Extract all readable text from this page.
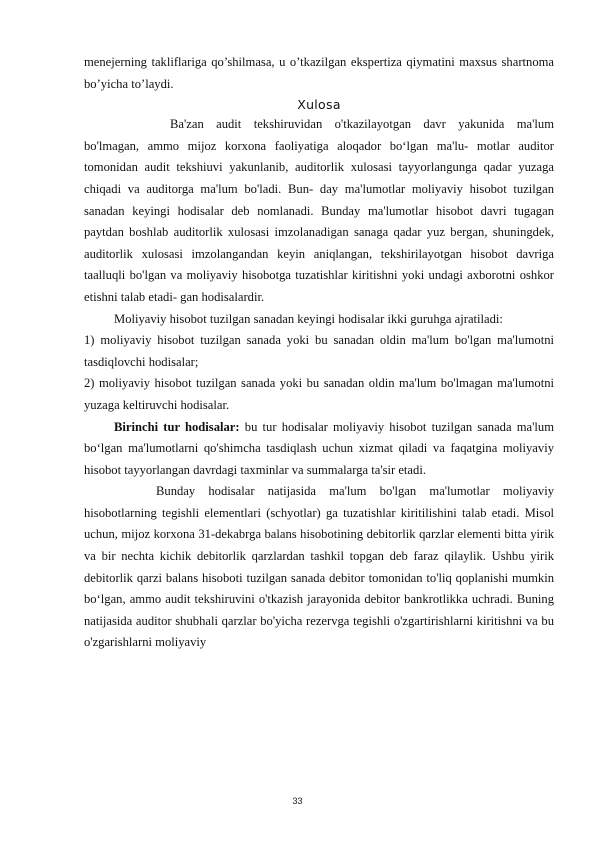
menejerning takliflariga qo’shilmasa, u o’tkazilgan ekspertiza qiymatini maxsus shartnoma bo’yicha to’laydi.

Xulosa

Ba'zan audit tekshiruvidan o'tkazilayotgan davr yakunida ma'lum bo'lmagan, ammo mijoz korxona faoliyatiga aloqador bo‘lgan ma'lu- motlar auditor tomonidan audit tekshiuvi yakunlanib, auditorlik xulosasi tayyorlangunga qadar yuzaga chiqadi va auditorga ma'lum bo'ladi. Bun- day ma'lumotlar moliyaviy hisobot tuzilgan sanadan keyingi hodisalar deb nomlanadi. Bunday ma'lumotlar hisobot davri tugagan paytdan boshlab auditorlik xulosasi imzolanadigan sanaga qadar yuz bergan, shuningdek, auditorlik xulosasi imzolangandan keyin aniqlangan, tekshirilayotgan hisobot davriga taalluqli bo'lgan va moliyaviy hisobotga tuzatishlar kiritishni yoki undagi axborotni oshkor etishni talab etadi- gan hodisalardir.

Moliyaviy hisobot tuzilgan sanadan keyingi hodisalar ikki guruhga ajratiladi:

1) moliyaviy hisobot tuzilgan sanada yoki bu sanadan oldin ma'lum bo'lgan ma'lumotni tasdiqlovchi hodisalar;

2) moliyaviy hisobot tuzilgan sanada yoki bu sanadan oldin ma'lum bo'lmagan ma'lumotni yuzaga keltiruvchi hodisalar.

Birinchi tur hodisalar: bu tur hodisalar moliyaviy hisobot tuzilgan sanada ma'lum bo‘lgan ma'lumotlarni qo'shimcha tasdiqlash uchun xizmat qiladi va faqatgina moliyaviy hisobot tayyorlangan davrdagi taxminlar va summalarga ta'sir etadi.

Bunday hodisalar natijasida ma'lum bo'lgan ma'lumotlar moliyaviy hisobotlarning tegishli elementlari (schyotlar) ga tuzatishlar kiritilishini talab etadi. Misol uchun, mijoz korxona 31-dekabrga balans hisobotining debitorlik qarzlar elementi bitta yirik va bir nechta kichik debitorlik qarzlardan tashkil topgan deb faraz qilaylik. Ushbu yirik debitorlik qarzi balans hisoboti tuzilgan sanada debitor tomonidan to'liq qoplanishi mumkin bo‘lgan, ammo audit tekshiruvini o'tkazish jarayonida debitor bankrotlikka uchradi. Buning natijasida auditor shubhali qarzlar bo'yicha rezervga tegishli o'zgartirishlarni kiritishni va bu o'zgarishlarni moliyaviy

33
